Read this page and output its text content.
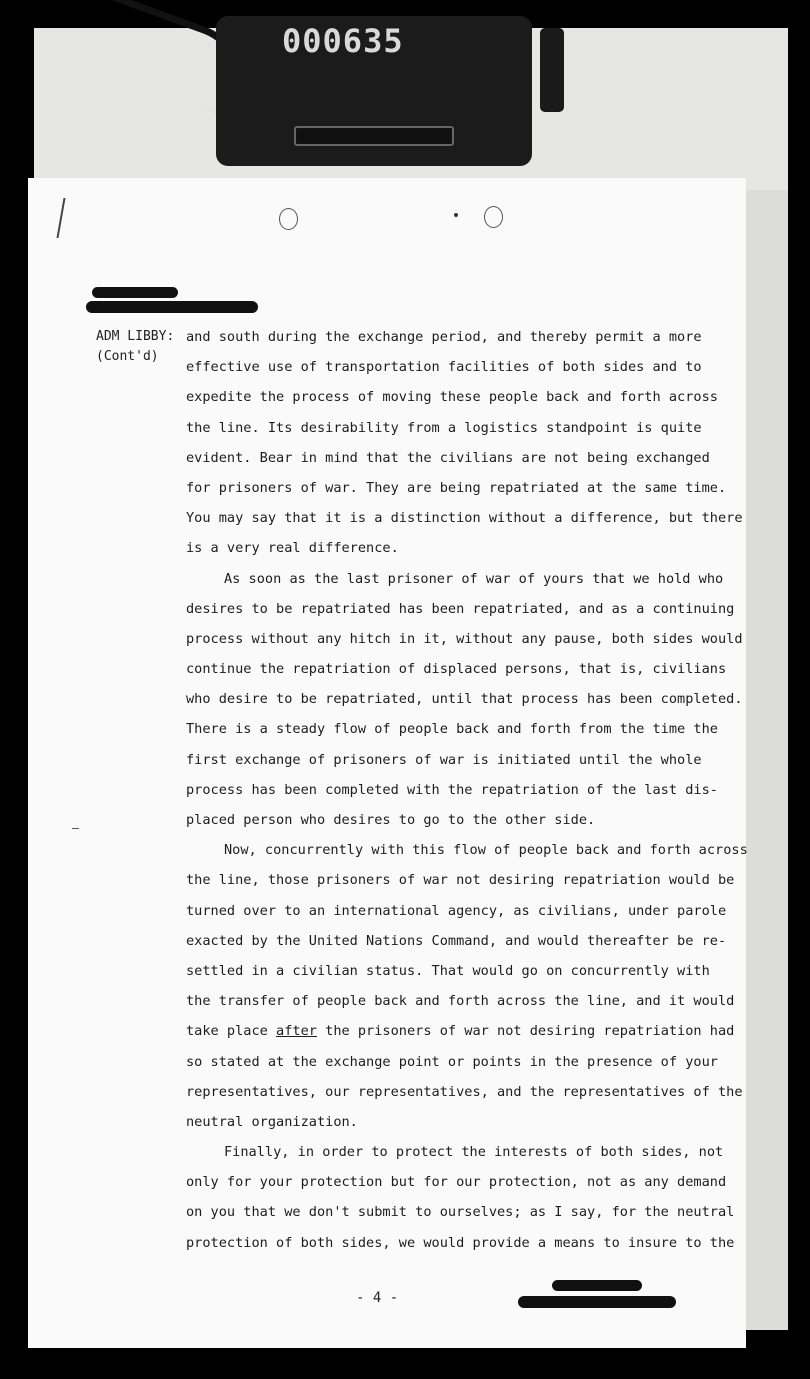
000635
ADM LIBBY:
(Cont'd)
and south during the exchange period, and thereby permit a more
effective use of transportation facilities of both sides and to
expedite the process of moving these people back and forth across
the line. Its desirability from a logistics standpoint is quite
evident. Bear in mind that the civilians are not being exchanged
for prisoners of war. They are being repatriated at the same time.
You may say that it is a distinction without a difference, but there
is a very real difference.
As soon as the last prisoner of war of yours that we hold who
desires to be repatriated has been repatriated, and as a continuing
process without any hitch in it, without any pause, both sides would
continue the repatriation of displaced persons, that is, civilians
who desire to be repatriated, until that process has been completed.
There is a steady flow of people back and forth from the time the
first exchange of prisoners of war is initiated until the whole
process has been completed with the repatriation of the last dis-
placed person who desires to go to the other side.
Now, concurrently with this flow of people back and forth across
the line, those prisoners of war not desiring repatriation would be
turned over to an international agency, as civilians, under parole
exacted by the United Nations Command, and would thereafter be re-
settled in a civilian status. That would go on concurrently with
the transfer of people back and forth across the line, and it would
take place after the prisoners of war not desiring repatriation had
so stated at the exchange point or points in the presence of your
representatives, our representatives, and the representatives of the
neutral organization.
Finally, in order to protect the interests of both sides, not
only for your protection but for our protection, not as any demand
on you that we don't submit to ourselves; as I say, for the neutral
protection of both sides, we would provide a means to insure to the
- 4 -
